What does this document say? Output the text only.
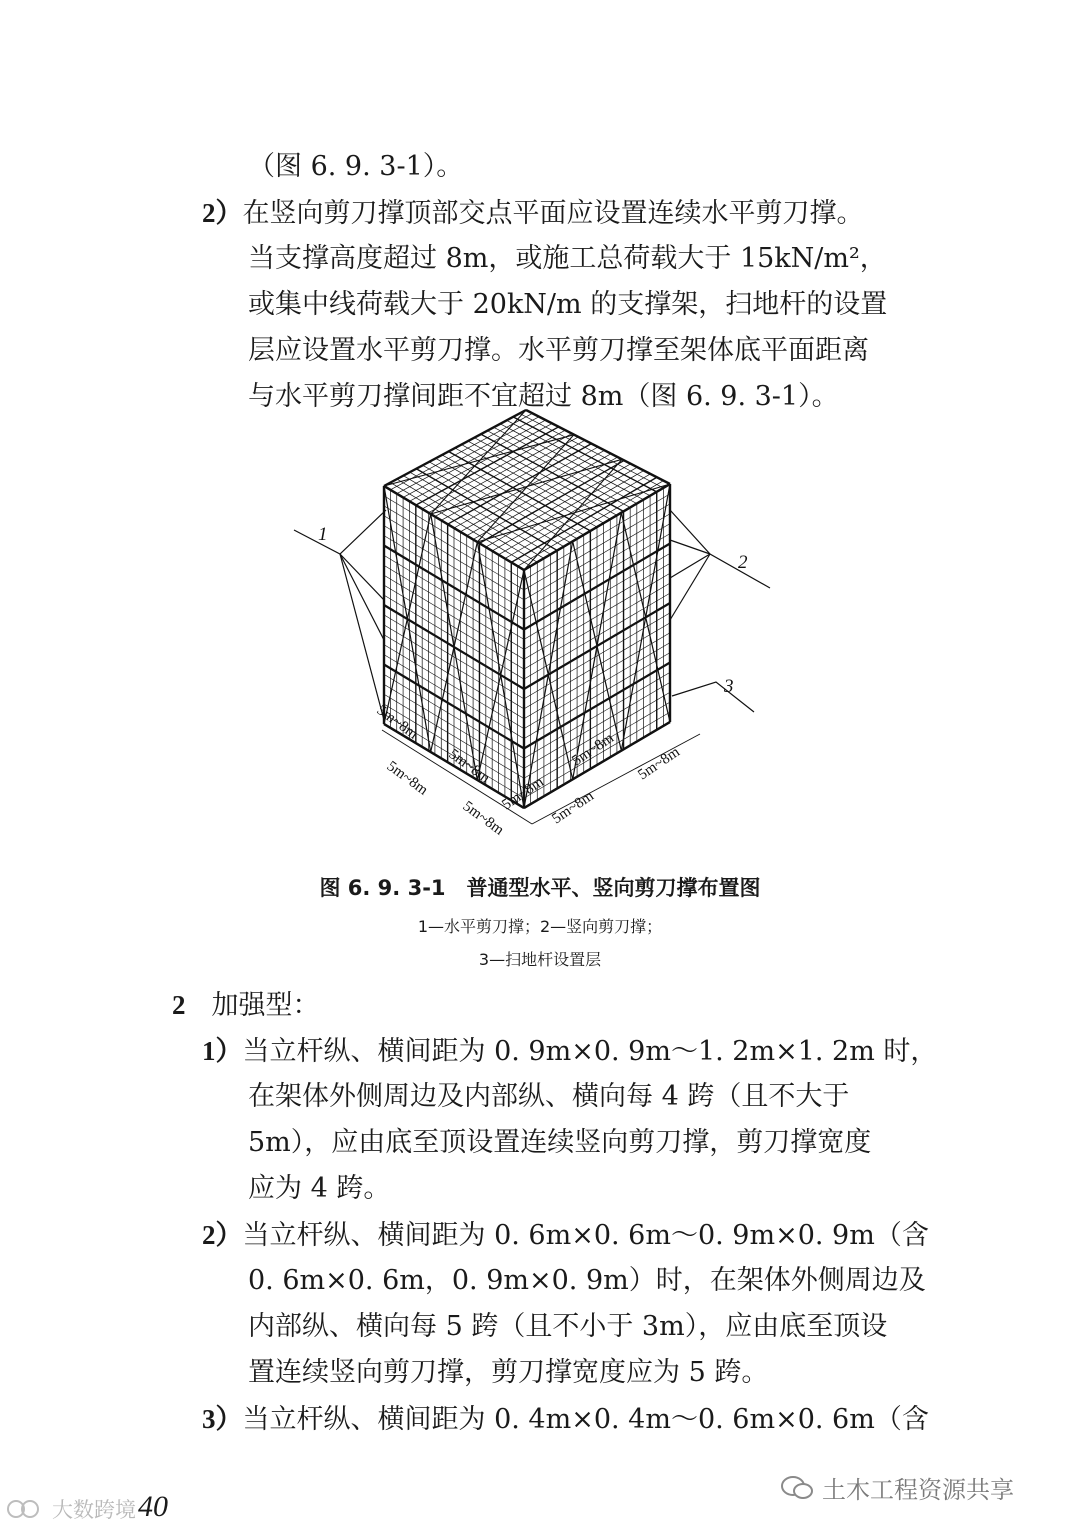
（图 6. 9. 3-1）。
2）在竖向剪刀撑顶部交点平面应设置连续水平剪刀撑。
当支撑高度超过 8m，或施工总荷载大于 15kN/m²，
或集中线荷载大于 20kN/m 的支撑架，扫地杆的设置
层应设置水平剪刀撑。水平剪刀撑至架体底平面距离
与水平剪刀撑间距不宜超过 8m（图 6. 9. 3-1）。
1
2
3
5m~8m
5m~8m
5m~8m
5m~8m
5m~8m
5m~8m 5m~8m
5m~8m
图 6. 9. 3-1　普通型水平、竖向剪刀撑布置图
1—水平剪刀撑；2—竖向剪刀撑；
3—扫地杆设置层
2 加强型：
1）当立杆纵、横间距为 0. 9m×0. 9m～1. 2m×1. 2m 时，
在架体外侧周边及内部纵、横向每 4 跨（且不大于
5m），应由底至顶设置连续竖向剪刀撑，剪刀撑宽度
应为 4 跨。
2）当立杆纵、横间距为 0. 6m×0. 6m～0. 9m×0. 9m（含
0. 6m×0. 6m，0. 9m×0. 9m）时，在架体外侧周边及
内部纵、横向每 5 跨（且不小于 3m），应由底至顶设
置连续竖向剪刀撑，剪刀撑宽度应为 5 跨。
3）当立杆纵、横间距为 0. 4m×0. 4m～0. 6m×0. 6m（含
40	土木工程资源共享
大数跨境
